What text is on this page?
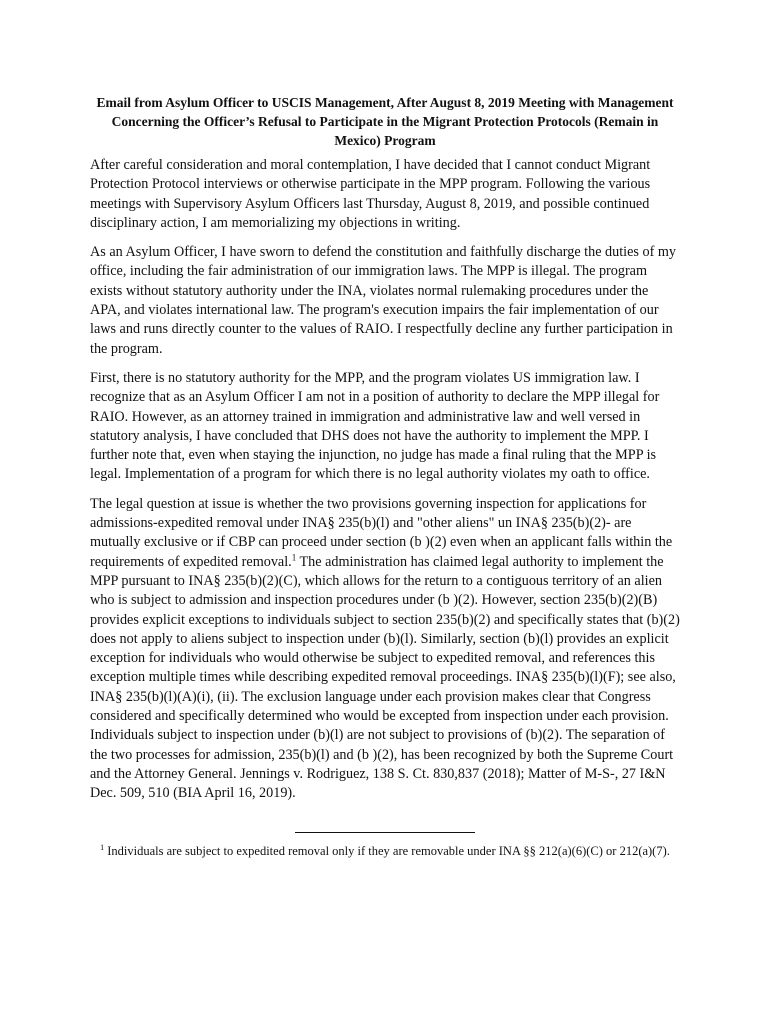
Email from Asylum Officer to USCIS Management, After August 8, 2019 Meeting with Management Concerning the Officer’s Refusal to Participate in the Migrant Protection Protocols (Remain in Mexico) Program

After careful consideration and moral contemplation, I have decided that I cannot conduct Migrant Protection Protocol interviews or otherwise participate in the MPP program. Following the various meetings with Supervisory Asylum Officers last Thursday, August 8, 2019, and possible continued disciplinary action, I am memorializing my objections in writing.

As an Asylum Officer, I have sworn to defend the constitution and faithfully discharge the duties of my office, including the fair administration of our immigration laws. The MPP is illegal. The program exists without statutory authority under the INA, violates normal rulemaking procedures under the APA, and violates international law. The program's execution impairs the fair implementation of our laws and runs directly counter to the values of RAIO. I respectfully decline any further participation in the program.

First, there is no statutory authority for the MPP, and the program violates US immigration law. I recognize that as an Asylum Officer I am not in a position of authority to declare the MPP illegal for RAIO. However, as an attorney trained in immigration and administrative law and well versed in statutory analysis, I have concluded that DHS does not have the authority to implement the MPP. I further note that, even when staying the injunction, no judge has made a final ruling that the MPP is legal. Implementation of a program for which there is no legal authority violates my oath to office.

The legal question at issue is whether the two provisions governing inspection for applications for admissions-expedited removal under INA§ 235(b)(l) and "other aliens" un INA§ 235(b)(2)- are mutually exclusive or if CBP can proceed under section (b )(2) even when an applicant falls within the requirements of expedited removal.$^1$ The administration has claimed legal authority to implement the MPP pursuant to INA§ 235(b)(2)(C), which allows for the return to a contiguous territory of an alien who is subject to admission and inspection procedures under (b )(2). However, section 235(b)(2)(B) provides explicit exceptions to individuals subject to section 235(b)(2) and specifically states that (b)(2) does not apply to aliens subject to inspection under (b)(l). Similarly, section (b)(l) provides an explicit exception for individuals who would otherwise be subject to expedited removal, and references this exception multiple times while describing expedited removal proceedings. INA§ 235(b)(l)(F); see also, INA§ 235(b)(l)(A)(i), (ii). The exclusion language under each provision makes clear that Congress considered and specifically determined who would be excepted from inspection under each provision. Individuals subject to inspection under (b)(l) are not subject to provisions of (b)(2). The separation of the two processes for admission, 235(b)(l) and (b )(2), has been recognized by both the Supreme Court and the Attorney General. Jennings v. Rodriguez, 138 S. Ct. 830,837 (2018); Matter of M-S-, 27 I&N Dec. 509, 510 (BIA April 16, 2019).

$^1$ Individuals are subject to expedited removal only if they are removable under INA §§ 212(a)(6)(C) or 212(a)(7).
